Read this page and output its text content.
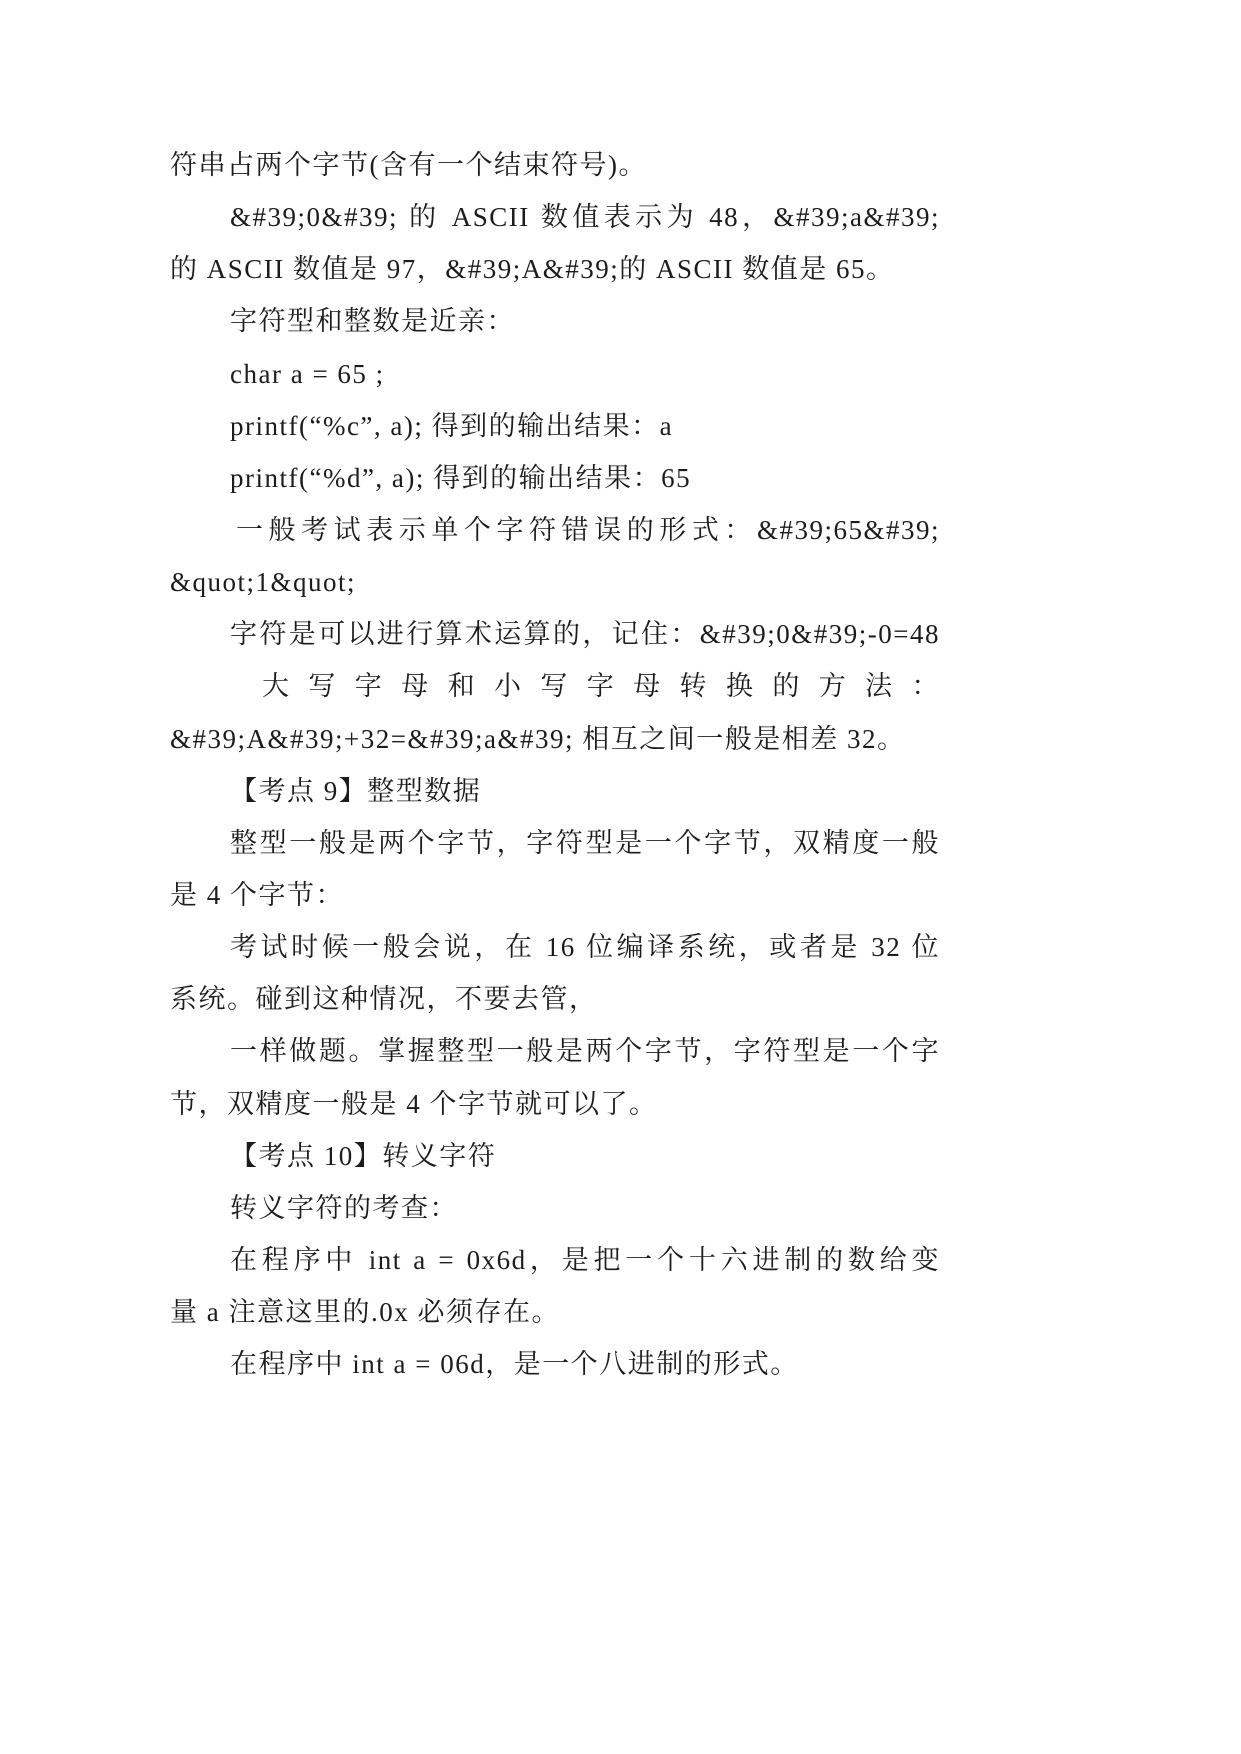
符串占两个字节(含有一个结束符号)。
&#39;0&#39; 的 ASCII 数值表示为 48，&#39;a&#39;
的 ASCII 数值是 97，&#39;A&#39;的 ASCII 数值是 65。
字符型和整数是近亲：
char a = 65 ;
printf(“%c”, a); 得到的输出结果：a
printf(“%d”, a); 得到的输出结果：65
一般考试表示单个字符错误的形式：&#39;65&#39;
&quot;1&quot;
字符是可以进行算术运算的，记住：&#39;0&#39;-0=48
大写字母和小写字母转换的方法：
&#39;A&#39;+32=&#39;a&#39; 相互之间一般是相差 32。
【考点 9】整型数据
整型一般是两个字节，字符型是一个字节，双精度一般
是 4 个字节：
考试时候一般会说，在 16 位编译系统，或者是 32 位
系统。碰到这种情况，不要去管，
一样做题。掌握整型一般是两个字节，字符型是一个字
节，双精度一般是 4 个字节就可以了。
【考点 10】转义字符
转义字符的考查：
在程序中 int a = 0x6d，是把一个十六进制的数给变
量 a 注意这里的.0x 必须存在。
在程序中 int a = 06d，是一个八进制的形式。
